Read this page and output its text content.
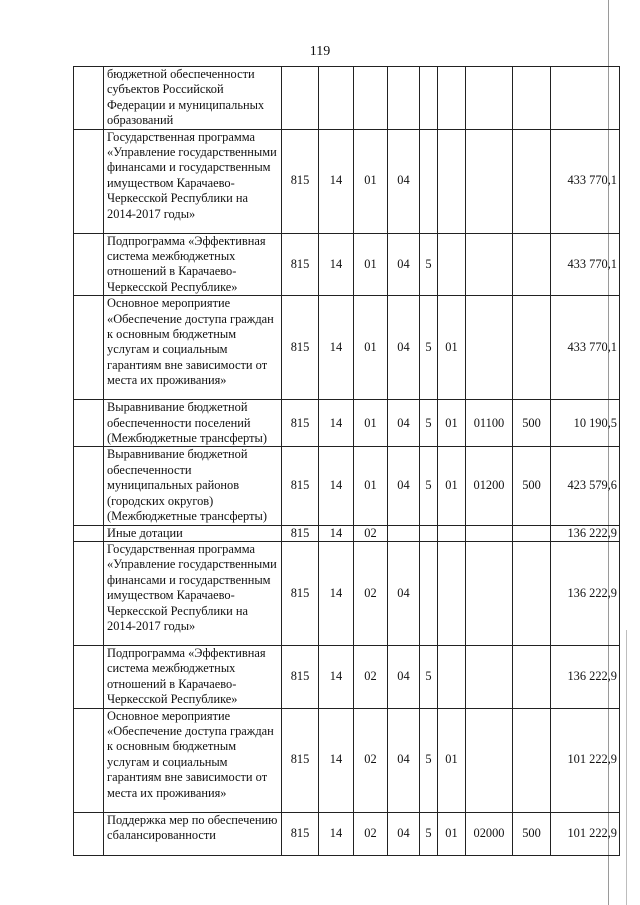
119
	бюджетной обеспеченности субъектов Российской Федерации и муниципальных образований									
	Государственная программа «Управление государственными финансами и государственным имуществом Карачаево-Черкесской Республики на 2014-2017 годы»	815	14	01	04					433 770,1
	Подпрограмма «Эффективная система межбюджетных отношений в Карачаево-Черкесской Республике»	815	14	01	04	5				433 770,1
	Основное мероприятие «Обеспечение доступа граждан к основным бюджетным услугам и социальным гарантиям вне зависимости от места их проживания»	815	14	01	04	5	01			433 770,1
	Выравнивание бюджетной обеспеченности поселений (Межбюджетные трансферты)	815	14	01	04	5	01	01100	500	10 190,5
	Выравнивание бюджетной обеспеченности муниципальных районов (городских округов) (Межбюджетные трансферты)	815	14	01	04	5	01	01200	500	423 579,6
	Иные дотации	815	14	02						136 222,9
	Государственная программа «Управление государственными финансами и государственным имуществом Карачаево-Черкесской Республики на 2014-2017 годы»	815	14	02	04					136 222,9
	Подпрограмма «Эффективная система межбюджетных отношений в Карачаево-Черкесской Республике»	815	14	02	04	5				136 222,9
	Основное мероприятие «Обеспечение доступа граждан к основным бюджетным услугам и социальным гарантиям вне зависимости от места их проживания»	815	14	02	04	5	01			101 222,9
	Поддержка мер по обеспечению сбалансированности	815	14	02	04	5	01	02000	500	101 222,9
